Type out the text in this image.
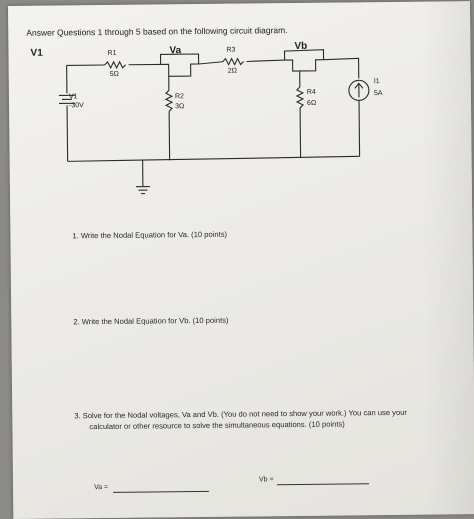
Answer Questions 1 through 5 based on the following circuit diagram.
V1	Va	Vb
R1
5Ω
R3
2Ω
R2
3Ω
R4
6Ω
V1
-30V
I1
5A
1. Write the Nodal Equation for Va. (10 points)
2. Write the Nodal Equation for Vb. (10 points)
3. Solve for the Nodal voltages, Va and Vb. (You do not need to show your work.) You can use your
calculator or other resource to solve the simultaneous equations. (10 points)
Va =
Vb =
